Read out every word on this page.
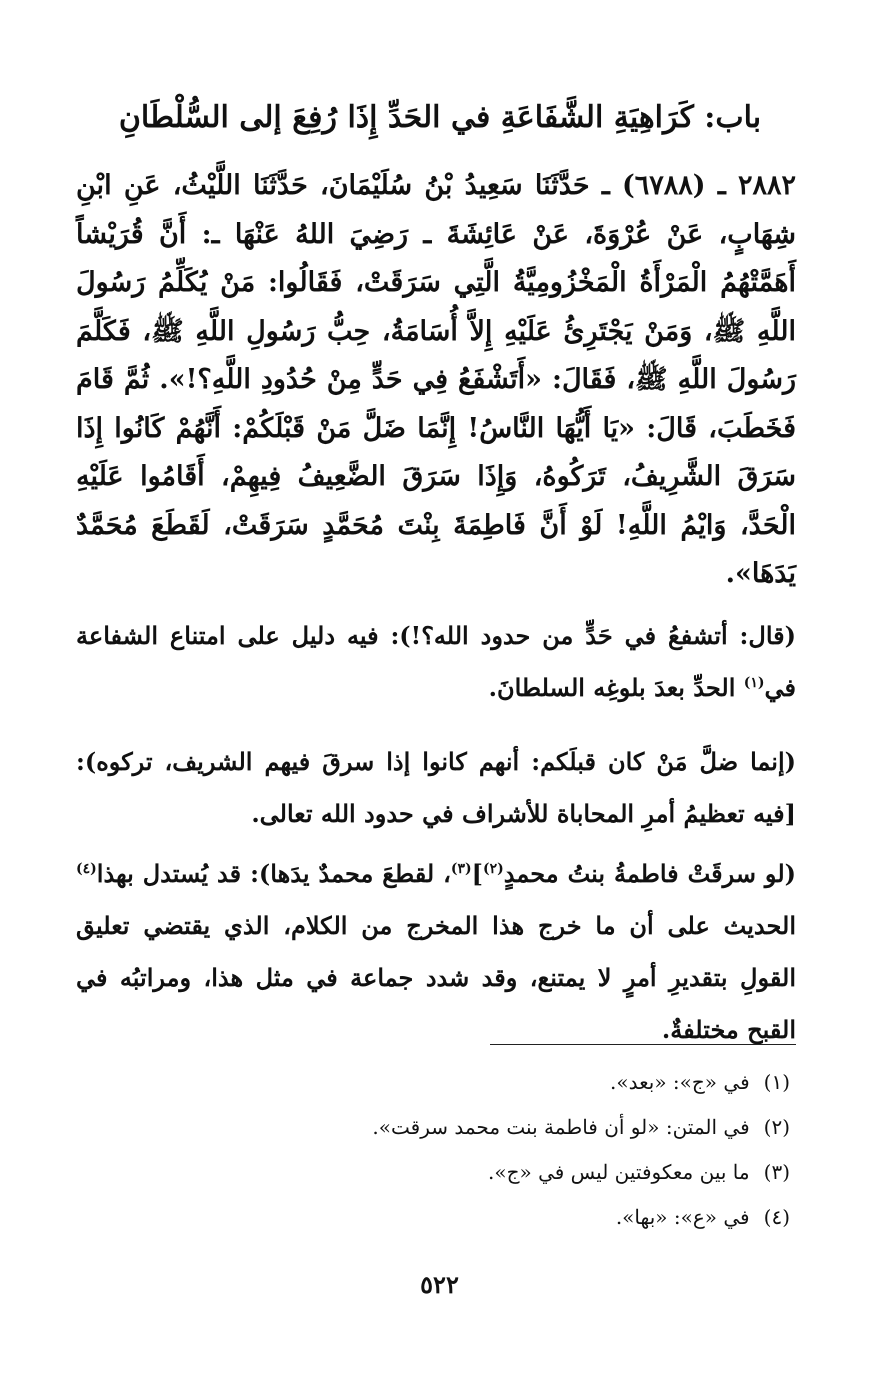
باب: كَرَاهِيَةِ الشَّفَاعَةِ في الحَدِّ إِذَا رُفِعَ إلى السُّلْطَانِ
٢٨٨٢ ـ (٦٧٨٨) ـ حَدَّثَنَا سَعِيدُ بْنُ سُلَيْمَانَ، حَدَّثَنَا اللَّيْثُ، عَنِ ابْنِ شِهَابٍ، عَنْ عُرْوَةَ، عَنْ عَائِشَةَ ـ رَضِيَ اللهُ عَنْهَا ـ: أَنَّ قُرَيْشاً أَهَمَّتْهُمُ الْمَرْأَةُ الْمَخْزُومِيَّةُ الَّتِي سَرَقَتْ، فَقَالُوا: مَنْ يُكَلِّمُ رَسُولَ اللَّهِ ﷺ، وَمَنْ يَجْتَرِئُ عَلَيْهِ إِلاَّ أُسَامَةُ، حِبُّ رَسُولِ اللَّهِ ﷺ، فَكَلَّمَ رَسُولَ اللَّهِ ﷺ، فَقَالَ: «أَتَشْفَعُ فِي حَدٍّ مِنْ حُدُودِ اللَّهِ؟!». ثُمَّ قَامَ فَخَطَبَ، قَالَ: «يَا أَيُّهَا النَّاسُ! إِنَّمَا ضَلَّ مَنْ قَبْلَكُمْ: أَنَّهُمْ كَانُوا إِذَا سَرَقَ الشَّرِيفُ، تَرَكُوهُ، وَإِذَا سَرَقَ الضَّعِيفُ فِيهِمْ، أَقَامُوا عَلَيْهِ الْحَدَّ، وَايْمُ اللَّهِ! لَوْ أَنَّ فَاطِمَةَ بِنْتَ مُحَمَّدٍ سَرَقَتْ، لَقَطَعَ مُحَمَّدٌ يَدَهَا».
(قال: أتشفعُ في حَدٍّ من حدود الله؟!): فيه دليل على امتناع الشفاعة في$^{(١)}$ الحدِّ بعدَ بلوغِه السلطانَ.
(إنما ضلَّ مَنْ كان قبلَكم: أنهم كانوا إذا سرقَ فيهم الشريف، تركوه): [فيه تعظيمُ أمرِ المحاباة للأشراف في حدود الله تعالى.
(لو سرقَتْ فاطمةُ بنتُ محمدٍ$^{(٢)}$]$^{(٣)}$، لقطعَ محمدٌ يدَها): قد يُستدل بهذا$^{(٤)}$ الحديث على أن ما خرج هذا المخرج من الكلام، الذي يقتضي تعليق القولِ بتقديرِ أمرٍ لا يمتنع، وقد شدد جماعة في مثل هذا، ومراتبُه في القبح مختلفةٌ.
(١)في «ج»: «بعد».
(٢)في المتن: «لو أن فاطمة بنت محمد سرقت».
(٣)ما بين معكوفتين ليس في «ج».
(٤)في «ع»: «بها».
٥٢٢
